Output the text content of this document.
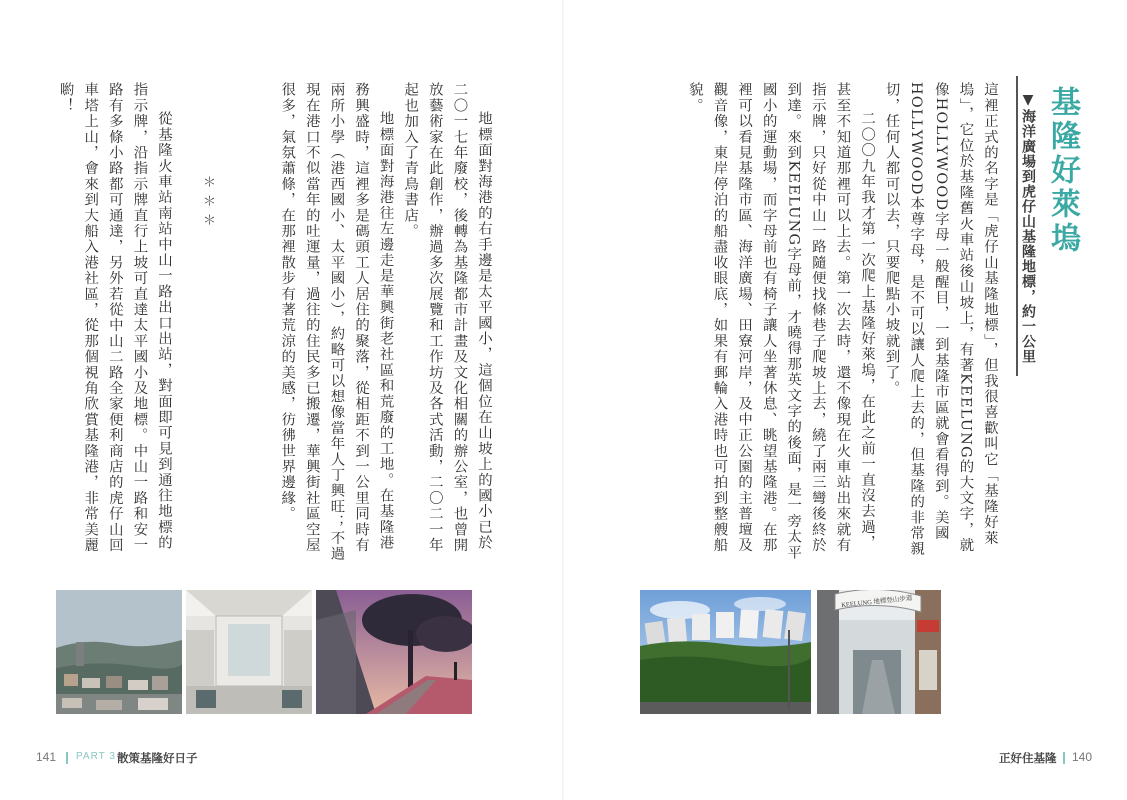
基隆好萊塢
▼海洋廣場到虎仔山基隆地標，約一公里

這裡正式的名字是「虎仔山基隆地標」，但我很喜歡叫它「基隆好萊塢」，它位於基隆舊火車站後山坡上，有著KEELUNG的大文字，就像HOLLYWOOD字母一般醒目，一到基隆市區就會看得到。美國HOLLYWOOD本尊字母，是不可以讓人爬上去的，但基隆的非常親切，任何人都可以去，只要爬點小坡就到了。

二〇〇九年我才第一次爬上基隆好萊塢，在此之前一直沒去過，甚至不知道那裡可以上去。第一次去時，還不像現在火車站出來就有指示牌，只好從中山一路隨便找條巷子爬坡上去，繞了兩三彎後終於到達。來到KEELUNG字母前，才曉得那英文字的後面，是一旁太平國小的運動場，而字母前也有椅子讓人坐著休息、眺望基隆港。在那裡可以看見基隆市區、海洋廣場、田寮河岸，及中正公園的主普壇及觀音像，東岸停泊的船盡收眼底，如果有郵輪入港時也可拍到整艘船貌。

KEELUNG 地標登山步道
正好住基隆 140

地標面對海港的右手邊是太平國小，這個位在山坡上的國小已於二〇一七年廢校，後轉為基隆都市計畫及文化相關的辦公室，也曾開放藝術家在此創作，辦過多次展覽和工作坊及各式活動，二〇二一年起也加入了青鳥書店。

地標面對海港往左邊走是華興街老社區和荒廢的工地。在基隆港務興盛時，這裡多是碼頭工人居住的聚落，從相距不到一公里同時有兩所小學（港西國小、太平國小），約略可以想像當年人丁興旺；不過現在港口不似當年的吐運量，過往的住民多已搬遷，華興街社區空屋很多，氣氛蕭條，在那裡散步有著荒涼的美感，彷彿世界邊緣。

＊＊＊

從基隆火車站南站中山一路出口出站，對面即可見到通往地標的指示牌，沿指示牌直行上坡可直達太平國小及地標。中山一路和安一路有多條小路都可通達，另外若從中山二路全家便利商店的虎仔山回車塔上山，會來到大船入港社區，從那個視角欣賞基隆港，非常美麗喲！

141 PART 3 散策基隆好日子
